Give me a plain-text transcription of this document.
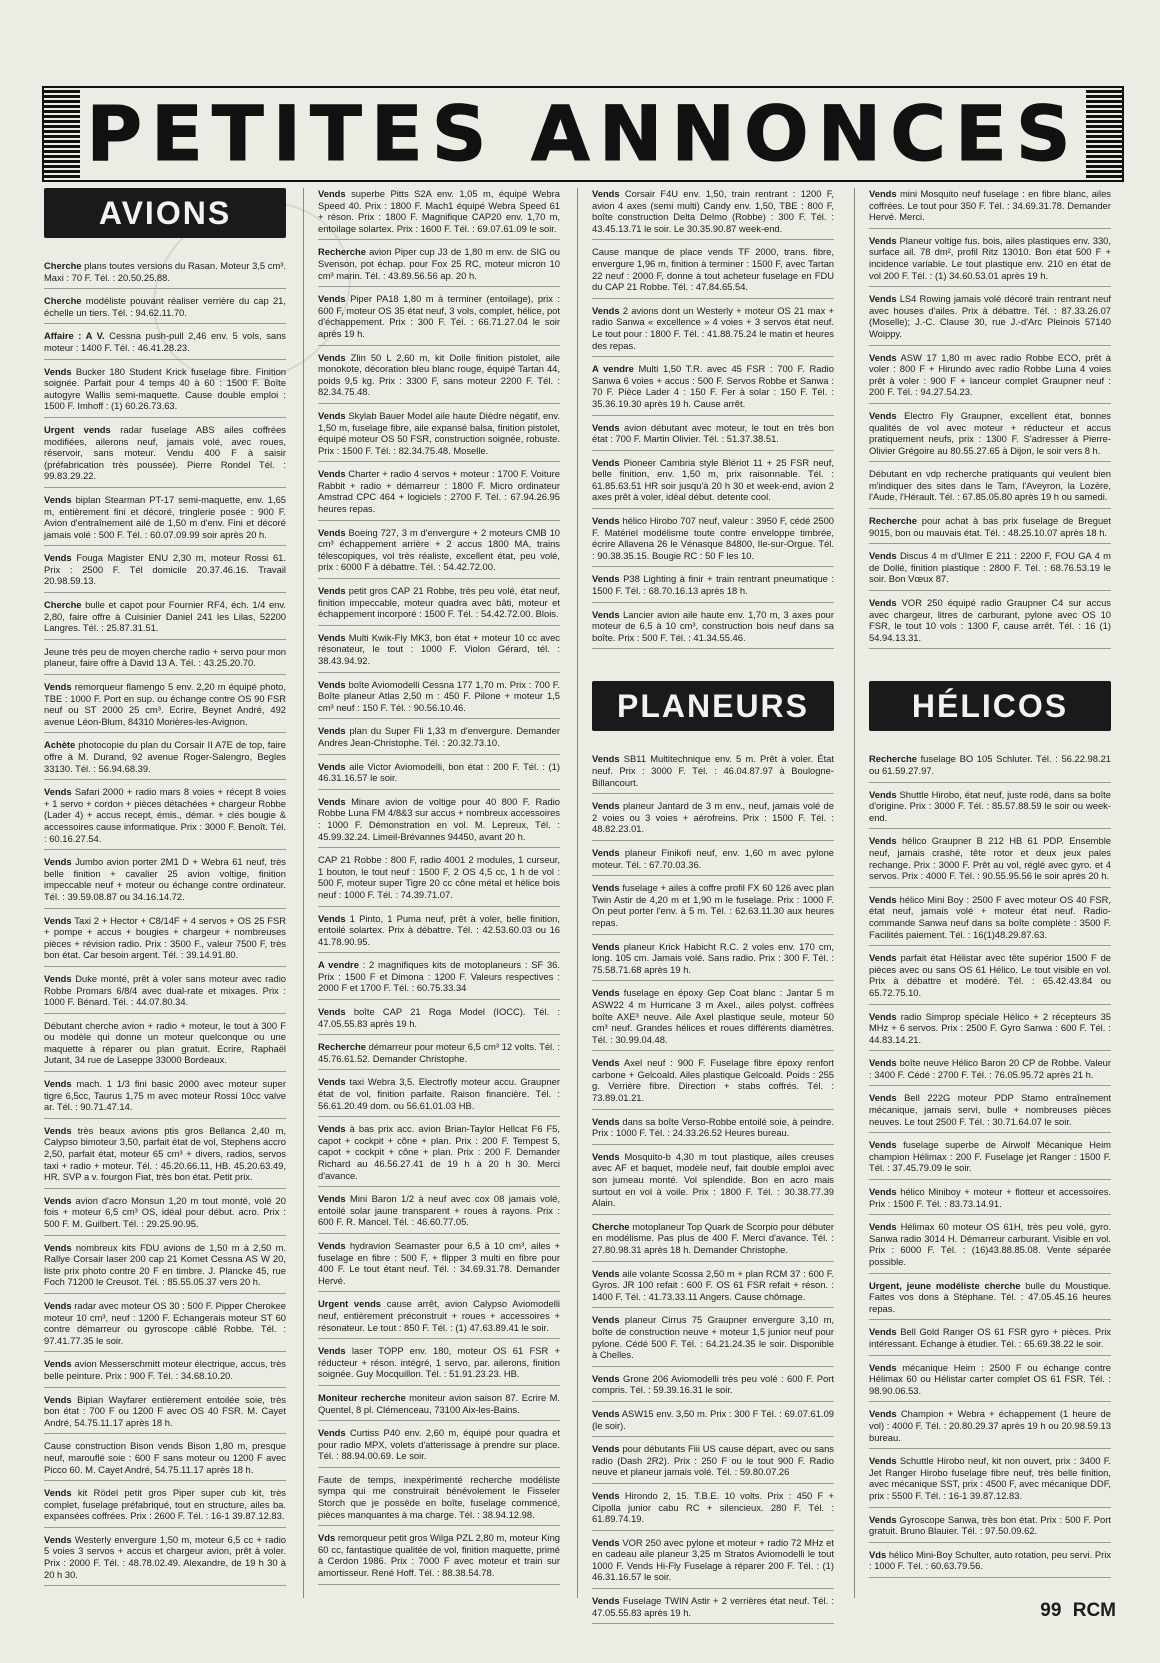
PETITES ANNONCES
AVIONS
Cherche plans toutes versions du Rasan. Moteur 3,5 cm³. Maxi : 70 F. Tél. : 20.50.25.88.
Cherche modéliste pouvant réaliser verrière du cap 21, échelle un tiers. Tél. : 94.62.11.70.
Affaire : A V. Cessna push-pull 2,46 env. 5 vols, sans moteur : 1400 F. Tél. : 46.41.28.23.
Vends Bucker 180 Student Krick fuselage fibre. Finition soignée. Parfait pour 4 temps 40 à 60 : 1500 F. Boîte autogyre Wallis semi-maquette. Cause double emploi : 1500 F. Imhoff : (1) 60.26.73.63.
Urgent vends radar fuselage ABS ailes coffrées modifiées, ailerons neuf, jamais volé, avec roues, réservoir, sans moteur. Vendu 400 F à saisir (préfabrication très poussée). Pierre Rondel Tél. : 99.83.29.22.
Vends biplan Stearman PT-17 semi-maquette, env. 1,65 m, entièrement fini et décoré, tringlerie posée : 900 F. Avion d'entraînement ailé de 1,50 m d'env. Fini et décoré jamais volé : 500 F. Tél. : 60.07.09.99 soir après 20 h.
Vends Fouga Magister ENU 2,30 m, moteur Rossi 61. Prix : 2500 F. Tél domicile 20.37.46.16. Travail 20.98.59.13.
Cherche bulle et capot pour Fournier RF4, éch. 1/4 env. 2,80, faire offre à Cuisinier Daniel 241 les Lilas, 52200 Langres. Tél. : 25.87.31.51.
Jeune très peu de moyen cherche radio + servo pour mon planeur, faire offre à David 13 A. Tél. : 43.25.20.70.
Vends remorqueur flamengo 5 env. 2,20 m équipé photo, TBE : 1000 F. Port en sup. ou échange contre OS 90 FSR neuf ou ST 2000 25 cm³. Ecrire, Beynet André, 492 avenue Léon-Blum, 84310 Morières-les-Avignon.
Achète photocopie du plan du Corsair II A7E de top, faire offre à M. Durand, 92 avenue Roger-Salengro, Begles 33130. Tél. : 56.94.68.39.
Vends Safari 2000 + radio mars 8 voies + récept 8 voies + 1 servo + cordon + pièces détachées + chargeur Robbe (Lader 4) + accus recept, émis., démar. + clés bougie & accessoires cause informatique. Prix : 3000 F. Benoît. Tél. : 60.16.27.54.
Vends Jumbo avion porter 2M1 D + Webra 61 neuf, très belle finition + cavalier 25 avion voltige, finition impeccable neuf + moteur ou échange contre ordinateur. Tél. : 39.59.08.87 ou 34.16.14.72.
Vends Taxi 2 + Hector + C8/14F + 4 servos + OS 25 FSR + pompe + accus + bougies + chargeur + nombreuses pièces + révision radio. Prix : 3500 F., valeur 7500 F, très bon état. Car besoin argent. Tél. : 39.14.91.80.
Vends Duke monté, prêt à voler sans moteur avec radio Robbe Promars 6/8/4 avec dual-rate et mixages. Prix : 1000 F. Bénard. Tél. : 44.07.80.34.
Débutant cherche avion + radio + moteur, le tout à 300 F ou modèle qui donne un moteur quelconque ou une maquette à réparer ou plan gratuit. Ecrire, Raphaël Jutant, 34 rue de Laseppe 33000 Bordeaux.
Vends mach. 1 1/3 fini basic 2000 avec moteur super tigre 6,5cc, Taurus 1,75 m avec moteur Rossi 10cc valve ar. Tél. : 90.71.47.14.
Vends très beaux avions ptis gros Bellanca 2,40 m, Calypso bimoteur 3,50, parfait état de vol, Stephens accro 2,50, parfait état, moteur 65 cm³ + divers, radios, servos taxi + radio + moteur. Tél. : 45.20.66.11, HB. 45.20.63.49, HR. SVP a v. fourgon Fiat, très bon état. Petit prix.
Vends avion d'acro Monsun 1,20 m tout monté, volé 20 fois + moteur 6,5 cm³ OS, idéal pour début. acro. Prix : 500 F. M. Guilbert. Tél. : 29.25.90.95.
Vends nombreux kits FDU avions de 1,50 m à 2,50 m. Rallye Corsair laser 200 cap 21 Komet Cessna AS W 20, liste prix photo contre 20 F en timbre. J. Plancke 45, rue Foch 71200 le Creusot. Tél. : 85.55.05.37 vers 20 h.
Vends radar avec moteur OS 30 : 500 F. Pipper Cherokee moteur 10 cm³, neuf : 1200 F. Echangerais moteur ST 60 contre démarreur ou gyroscope câblé Robbe. Tél. : 97.41.77.35 le soir.
Vends avion Messerschmitt moteur électrique, accus, très belle peinture. Prix : 900 F. Tél. : 34.68.10.20.
Vends Bipian Wayfarer entièrement entoilée soie, très bon état : 700 F ou 1200 F avec OS 40 FSR. M. Cayet André, 54.75.11.17 après 18 h.
Cause construction Bison vends Bison 1,80 m, presque neuf, marouflé soie : 600 F sans moteur ou 1200 F avec Picco 60. M. Cayet André, 54.75.11.17 après 18 h.
Vends kit Rödel petit gros Piper super cub kit, très complet, fuselage préfabriqué, tout en structure, ailes ba. expansées coffrées. Prix : 2600 F. Tél. : 16-1 39.87.12.83.
Vends Westerly envergure 1,50 m, moteur 6,5 cc + radio 5 voies 3 servos + accus et chargeur avion, prêt à voler. Prix : 2000 F. Tél. : 48.78.02.49. Alexandre, de 19 h 30 à 20 h 30.
Vends superbe Pitts S2A env. 1,05 m, équipé Webra Speed 40. Prix : 1800 F. Mach1 équipé Webra Speed 61 + réson. Prix : 1800 F. Magnifique CAP20 env. 1,70 m, entoilage solartex. Prix : 1600 F. Tél. : 69.07.61.09 le soir.
Recherche avion Piper cup J3 de 1,80 m env. de SIG ou Svenson, pot échap. pour Fox 25 RC, moteur micron 10 cm³ marin. Tél. : 43.89.56.56 ap. 20 h.
Vends Piper PA18 1,80 m à terminer (entoilage), prix : 600 F, moteur OS 35 état neuf, 3 vols, complet, hélice, pot d'échappement. Prix : 300 F. Tél. : 66.71.27.04 le soir après 19 h.
Vends Zlin 50 L 2,60 m, kit Dolle finition pistolet, aile monokote, décoration bleu blanc rouge, équipé Tartan 44, poids 9,5 kg. Prix : 3300 F, sans moteur 2200 F. Tél. : 82.34.75.48.
Vends Skylab Bauer Model aile haute Dièdre négatif, env. 1,50 m, fuselage fibre, aile expansé balsa, finition pistolet, équipé moteur OS 50 FSR, construction soignée, robuste. Prix : 1500 F. Tél. : 82.34.75.48. Moselle.
Vends Charter + radio 4 servos + moteur : 1700 F. Voiture Rabbit + radio + démarreur : 1800 F. Micro ordinateur Amstrad CPC 464 + logiciels : 2700 F. Tél. : 67.94.26.95 heures repas.
Vends Boeing 727, 3 m d'envergure + 2 moteurs CMB 10 cm³ échappement arrière + 2 accus 1800 MA, trains télescopiques, vol très réaliste, excellent état, peu volé, prix : 6000 F à débattre. Tél. : 54.42.72.00.
Vends petit gros CAP 21 Robbe, très peu volé, état neuf, finition impeccable, moteur quadra avec bâti, moteur et échappement incorporé : 1500 F. Tél. : 54.42.72.00. Blois.
Vends Multi Kwik-Fly MK3, bon état + moteur 10 cc avec résonateur, le tout : 1000 F. Violon Gérard, tél. : 38.43.94.92.
Vends boîte Aviomodelli Cessna 177 1,70 m. Prix : 700 F. Boîte planeur Atlas 2,50 m : 450 F. Pilone + moteur 1,5 cm³ neuf : 150 F. Tél. : 90.56.10.46.
Vends plan du Super Fli 1,33 m d'envergure. Demander Andres Jean-Christophe. Tél. : 20.32.73.10.
Vends aile Victor Aviomodelli, bon état : 200 F. Tél. : (1) 46.31.16.57 le soir.
Vends Minare avion de voltige pour 40 800 F. Radio Robbe Luna FM 4/8&3 sur accus + nombreux accessoires : 1000 F. Démonstration en vol. M. Lepreux, Tél. : 45.99.32.24. Limeil-Brévannes 94450, avant 20 h.
CAP 21 Robbe : 800 F, radio 4001 2 modules, 1 curseur, 1 bouton, le tout neuf : 1500 F, 2 OS 4,5 cc, 1 h de vol : 500 F, moteur super Tigre 20 cc cône métal et hélice bois neuf : 1000 F. Tél. : 74.39.71.07.
Vends 1 Pinto, 1 Puma neuf, prêt à voler, belle finition, entoilé solartex. Prix à débattre. Tél. : 42.53.60.03 ou 16 41.78.90.95.
A vendre : 2 magnifiques kits de motoplaneurs : SF 36. Prix : 1500 F et Dimona : 1200 F. Valeurs respectives : 2000 F et 1700 F. Tél. : 60.75.33.34
Vends boîte CAP 21 Roga Model (IOCC). Tél. : 47.05.55.83 après 19 h.
Recherche démarreur pour moteur 6,5 cm³ 12 volts. Tél. : 45.76.61.52. Demander Christophe.
Vends taxi Webra 3,5. Electrofly moteur accu. Graupner état de vol, finition parfaite. Raison financière. Tél. : 56.61.20.49 dom. ou 56.61.01.03 HB.
Vends à bas prix acc. avion Brian-Taylor Hellcat F6 F5, capot + cockpit + cône + plan. Prix : 200 F. Tempest 5, capot + cockpit + cône + plan. Prix : 200 F. Demander Richard au 46.56.27.41 de 19 h à 20 h 30. Merci d'avance.
Vends Mini Baron 1/2 à neuf avec cox 08 jamais volé, entoilé solar jaune transparent + roues à rayons. Prix : 600 F. R. Mancel. Tél. : 46.60.77.05.
Vends hydravion Seamaster pour 6,5 à 10 cm³, ailes + fuselage en fibre : 500 F, + flipper 3 multi en fibre pour 400 F. Le tout étant neuf. Tél. : 34.69.31.78. Demander Hervé.
Urgent vends cause arrêt, avion Calypso Aviomodelli neuf, entièrement préconstruit + roues + accessoires + résonateur. Le tout : 850 F. Tél. : (1) 47.63.89.41 le soir.
Vends laser TOPP env. 180, moteur OS 61 FSR + réducteur + réson. intégré, 1 servo, par. ailerons, finition soignée. Guy Mocquillon. Tél. : 51.91.23.23. HB.
Moniteur recherche moniteur avion saison 87. Ecrire M. Quentel, 8 pl. Clémenceau, 73100 Aix-les-Bains.
Vends Curtiss P40 env. 2,60 m, équipé pour quadra et pour radio MPX, volets d'atterissage à prendre sur place. Tél. : 88.94.00.69. Le soir.
Faute de temps, inexpérimenté recherche modéliste sympa qui me construirait bénévolement le Fisseler Storch que je possède en boîte, fuselage commencé, pièces manquantes à ma charge. Tél. : 38.94.12.98.
Vds remorqueur petit gros Wilga PZL 2,80 m, moteur King 60 cc, fantastique qualitée de vol, finition maquette, primé à Cerdon 1986. Prix : 7000 F avec moteur et train sur amortisseur. René Hoff. Tél. : 88.38.54.78.
Vends Corsair F4U env. 1,50, train rentrant : 1200 F, avion 4 axes (semi multi) Candy env. 1,50, TBE : 800 F, boîte construction Delta Delmo (Robbe) : 300 F. Tél. : 43.45.13.71 le soir. Le 30.35.90.87 week-end.
Cause manque de place vends TF 2000, trans. fibre, envergure 1,96 m, finition à terminer : 1500 F, avec Tartan 22 neuf : 2000 F, donne à tout acheteur fuselage en FDU du CAP 21 Robbe. Tél. : 47.84.65.54.
Vends 2 avions dont un Westerly + moteur OS 21 max + radio Sanwa « excellence » 4 voies + 3 servos état neuf. Le tout pour : 1800 F. Tél. : 41.88.75.24 le matin et heures des repas.
A vendre Multi 1,50 T.R. avec 45 FSR : 700 F. Radio Sanwa 6 voies + accus : 500 F. Servos Robbe et Sanwa : 70 F. Pièce Lader 4 : 150 F. Fer à solar : 150 F. Tél. : 35.36.19.30 après 19 h. Cause arrêt.
Vends avion débutant avec moteur, le tout en très bon état : 700 F. Martin Olivier. Tél. : 51.37.38.51.
Vends Pioneer Cambria style Blériot 11 + 25 FSR neuf, belle finition, env. 1,50 m, prix raisonnable. Tél. : 61.85.63.51 HR soir jusqu'à 20 h 30 et week-end, avion 2 axes prêt à voler, idéal début. detente cool.
Vends hélico Hirobo 707 neuf, valeur : 3950 F, cédé 2500 F. Matériel modélisme toute contre enveloppe timbrée, écrire Allavena 26 le Vénasque 84800, Ile-sur-Orgue. Tél. : 90.38.35.15. Bougie RC : 50 F les 10.
Vends P38 Lighting à finir + train rentrant pneumatique : 1500 F. Tél. : 68.70.16.13 après 18 h.
Vends Lancier avion aile haute env. 1,70 m, 3 axes pour moteur de 6,5 à 10 cm³, construction bois neuf dans sa boîte. Prix : 500 F. Tél. : 41.34.55.46.
PLANEURS
Vends SB11 Multitechnique env. 5 m. Prêt à voler. État neuf. Prix : 3000 F. Tél. : 46.04.87.97 à Boulogne-Billancourt.
Vends planeur Jantard de 3 m env., neuf, jamais volé de 2 voies ou 3 voies + aérofreins. Prix : 1500 F. Tél. : 48.82.23.01.
Vends planeur Finikofi neuf, env. 1,60 m avec pylone moteur. Tél. : 67.70.03.36.
Vends fuselage + ailes à coffre profil FX 60 126 avec plan Twin Astir de 4,20 m et 1,90 m le fuselage. Prix : 1000 F. On peut porter l'env. à 5 m. Tél. : 62.63.11.30 aux heures repas.
Vends planeur Krick Habicht R.C. 2 voles env. 170 cm, long. 105 cm. Jamais volé. Sans radio. Prix : 300 F. Tél. : 75.58.71.68 après 19 h.
Vends fuselage en époxy Gep Coat blanc : Jantar 5 m ASW22 4 m Hurricane 3 m Axel., ailes polyst. coffrées boîte AXE³ neuve. Aile Axel plastique seule, moteur 50 cm³ neuf. Grandes hélices et roues différents diamètres. Tél. : 30.99.04.48.
Vends Axel neuf : 900 F. Fuselage fibre époxy renfort carbone + Gelcoald. Ailes plastique Gelcoald. Poids : 255 g. Verrière fibre. Direction + stabs coffrés. Tél. : 73.89.01.21.
Vends dans sa boîte Verso-Robbe entoilé soie, à peindre. Prix : 1000 F. Tél. : 24.33.26.52 Heures bureau.
Vends Mosquito-b 4,30 m tout plastique, ailes creuses avec AF et baquet, modèle neuf, fait double emploi avec son jumeau monté. Vol splendide. Bon en acro mais surtout en vol à voile. Prix : 1800 F. Tél. : 30.38.77.39 Alain.
Cherche motoplaneur Top Quark de Scorpio pour débuter en modélisme. Pas plus de 400 F. Merci d'avance. Tél. : 27.80.98.31 après 18 h. Demander Christophe.
Vends aile volante Scossa 2,50 m + plan RCM 37 : 600 F. Gyros. JR 100 refait : 600 F. OS 61 FSR refait + réson. : 1400 F. Tél. : 41.73.33.11 Angers. Cause chômage.
Vends planeur Cirrus 75 Graupner envergure 3,10 m, boîte de construction neuve + moteur 1,5 junior neuf pour pylone. Cédé 500 F. Tél. : 64.21.24.35 le soir. Disponible à Chelles.
Vends Grone 206 Aviomodelli très peu volé : 600 F. Port compris. Tél. : 59.39.16.31 le soir.
Vends ASW15 env. 3,50 m. Prix : 300 F Tél. : 69.07.61.09 (le soir).
Vends pour débutants Fiii US cause départ, avec ou sans radio (Dash 2R2). Prix : 250 F ou le tout 900 F. Radio neuve et planeur jamais volé. Tél. : 59.80.07.26
Vends Hirondo 2, 15. T.B.E. 10 volts. Prix : 450 F + Cipolla junior cabu RC + silencieux. 280 F. Tél. : 61.89.74.19.
Vends VOR 250 avec pylone et moteur + radio 72 MHz et en cadeau aile planeur 3,25 m Stratos Aviomodelli le tout 1000 F. Vends Hi-Fly Fuselage à réparer 200 F. Tél. : (1) 46.31.16.57 le soir.
Vends Fuselage TWIN Astir + 2 verrières état neuf. Tél. : 47.05.55.83 après 19 h.
Vends mini Mosquito neuf fuselage : en fibre blanc, ailes coffrées. Le tout pour 350 F. Tél. : 34.69.31.78. Demander Hervé. Merci.
Vends Planeur voltige fus. bois, ailes plastiques env. 330, surface ail. 78 dm², profil Ritz 13010. Bon état 500 F + incidence variable. Le tout plastique env. 210 en état de vol 200 F. Tél. : (1) 34.60.53.01 après 19 h.
Vends LS4 Rowing jamais volé décoré train rentrant neuf avec houses d'ailes. Prix à débattre. Tél. : 87.33.26.07 (Moselle); J.-C. Clause 30, rue J.-d'Arc Pleinois 57140 Woippy.
Vends ASW 17 1,80 m avec radio Robbe ECO, prêt à voler : 800 F + Hirundo avec radio Robbe Luna 4 voies prêt à voler : 900 F + lanceur complet Graupner neuf : 200 F. Tél. : 94.27.54.23.
Vends Electro Fly Graupner, excellent état, bonnes qualités de vol avec moteur + réducteur et accus pratiquement neufs, prix : 1300 F. S'adresser à Pierre-Olivier Grégoire au 80.55.27.65 à Dijon, le soir vers 8 h.
Débutant en vdp recherche pratiquants qui veulent bien m'indiquer des sites dans le Tam, l'Aveyron, la Lozère, l'Aude, l'Hérault. Tél. : 67.85.05.80 après 19 h ou samedi.
Recherche pour achat à bas prix fuselage de Breguet 9015, bon ou mauvais état. Tél. : 48.25.10.07 après 18 h.
Vends Discus 4 m d'Ulmer E 211 : 2200 F, FOU GA 4 m de Dollé, finition plastique : 2800 F. Tél. : 68.76.53.19 le soir. Bon Vœux 87.
Vends VOR 250 équipé radio Graupner C4 sur accus avec chargeur, litres de carburant, pylone avec OS 10 FSR, le tout 10 vols : 1300 F, cause arrêt. Tél. : 16 (1) 54.94.13.31.
HÉLICOS
Recherche fuselage BO 105 Schluter. Tél. : 56.22.98.21 ou 61.59.27.97.
Vends Shuttle Hirobo, état neuf, juste rodé, dans sa boîte d'origine. Prix : 3000 F. Tél. : 85.57.88.59 le soir ou week-end.
Vends hélico Graupner B 212 HB 61 PDP. Ensemble neuf, jamais crashé, tête rotor et deux jeux pales rechange. Prix : 3000 F. Prêt au vol, réglé avec gyro. et 4 servos. Prix : 4000 F. Tél. : 90.55.95.56 le soir après 20 h.
Vends hélico Mini Boy : 2500 F avec moteur OS 40 FSR, état neuf, jamais volé + moteur état neuf. Radio-commande Sanwa neuf dans sa boîte complète : 3500 F. Facilités paiement. Tél. : 16(1)48.29.87.63.
Vends parfait état Hélistar avec tête supérior 1500 F de pièces avec ou sans OS 61 Hélico. Le tout visible en vol. Prix à débattre et modéré. Tél. : 65.42.43.84 ou 65.72.75.10.
Vends radio Simprop spéciale Hélico + 2 récepteurs 35 MHz + 6 servos. Prix : 2500 F. Gyro Sanwa : 600 F. Tél. : 44.83.14.21.
Vends boîte neuve Hélico Baron 20 CP de Robbe. Valeur : 3400 F. Cédé : 2700 F. Tél. : 76.05.95.72 après 21 h.
Vends Bell 222G moteur PDP Stamo entraînement mécanique, jamais servi, bulle + nombreuses pièces neuves. Le tout 2500 F. Tél. : 30.71.64.07 le soir.
Vends fuselage superbe de Airwolf Mécanique Heim champion Hélimax : 200 F. Fuselage jet Ranger : 1500 F. Tél. : 37.45.79.09 le soir.
Vends hélico Miniboy + moteur + flotteur et accessoires. Prix : 1500 F. Tél. : 83.73.14.91.
Vends Hélimax 60 moteur OS 61H, très peu volé, gyro. Sanwa radio 3014 H. Démarreur carburant. Visible en vol. Prix : 6000 F. Tél. : (16)43.88.85.08. Vente séparée possible.
Urgent, jeune modéliste cherche bulle du Moustique. Faites vos dons à Stéphane. Tél. : 47.05.45.16 heures repas.
Vends Bell Gold Ranger OS 61 FSR gyro + pièces. Prix intéressant. Echange à étudier. Tél. : 65.69.38.22 le soir.
Vends mécanique Heim : 2500 F ou échange contre Hélimax 60 ou Hélistar carter complet OS 61 FSR. Tél. : 98.90.06.53.
Vends Champion + Webra + échappement (1 heure de vol) : 4000 F. Tél. : 20.80.29.37 après 19 h ou 20.98.59.13 bureau.
Vends Schuttle Hirobo neuf, kit non ouvert, prix : 3400 F. Jet Ranger Hirobo fuselage fibre neuf, très belle finition, avec mécanique SST, prix : 4500 F, avec mécanique DDF, prix : 5500 F. Tél. : 16-1 39.87.12.83.
Vends Gyroscope Sanwa, très bon état. Prix : 500 F. Port gratuit. Bruno Blauier. Tél. : 97.50.09.62.
Vds hélico Mini-Boy Schulter, auto rotation, peu servi. Prix : 1000 F. Tél. : 60.63.79.56.
99 RCM
